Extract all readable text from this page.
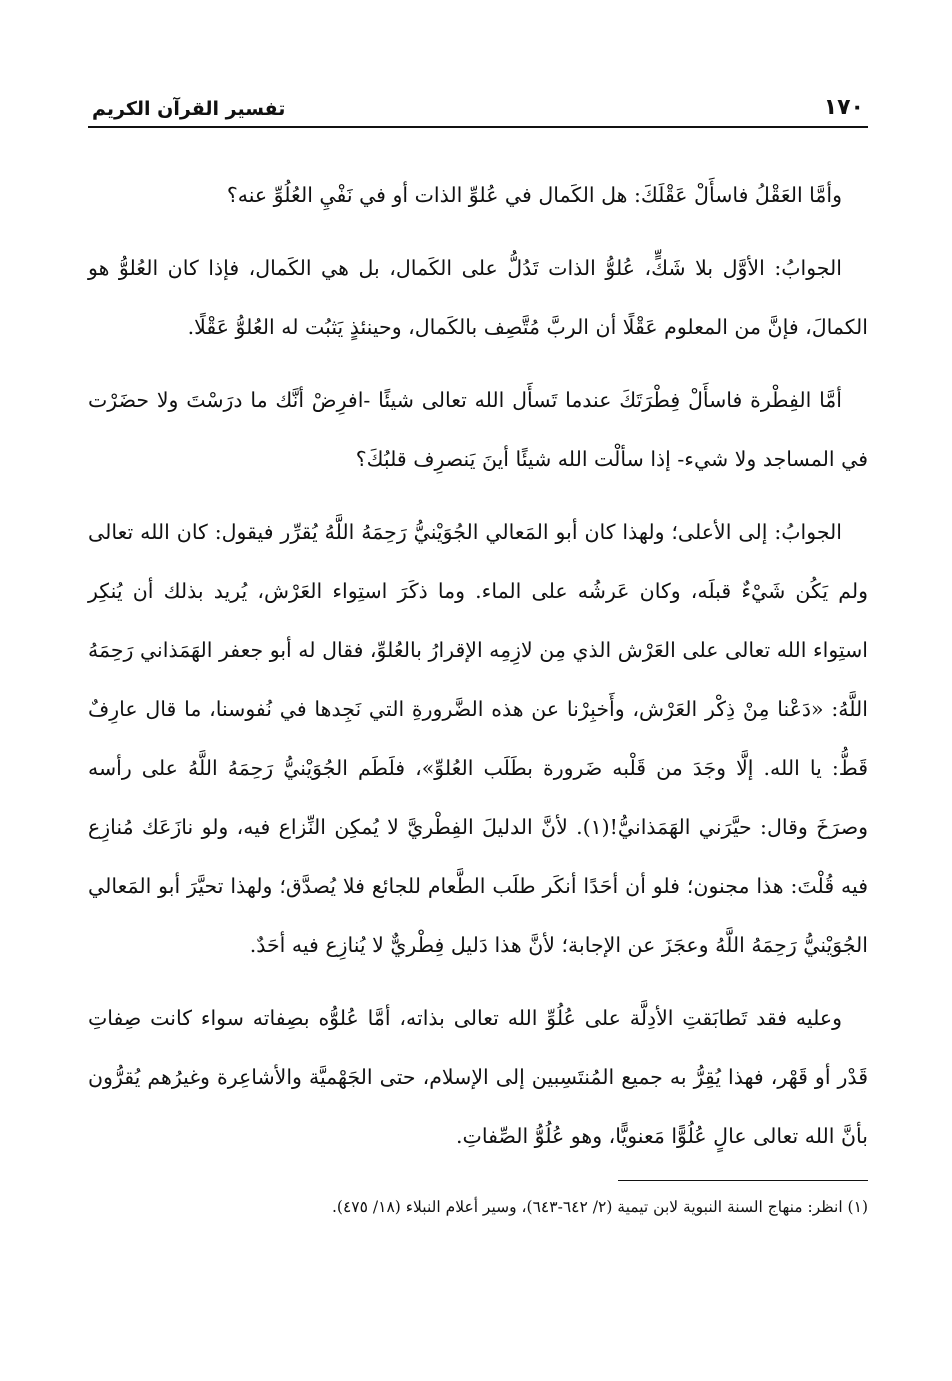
١٧٠
تفسير القرآن الكريم

وأمَّا العَقْلُ فاسأَلْ عَقْلَكَ: هل الكَمال في عُلوِّ الذات أو في نَفْيِ العُلُوِّ عنه؟

الجوابُ: الأوَّل بلا شَكٍّ، عُلوُّ الذات تَدُلُّ على الكَمال، بل هي الكَمال، فإذا كان العُلوُّ هو الكمالَ، فإنَّ من المعلوم عَقْلًا أن الربَّ مُتَّصِف بالكَمال، وحينئذٍ يَثبُت له العُلوُّ عَقْلًا.

أمَّا الفِطْرة فاسأَلْ فِطْرَتَكَ عندما تَسأَل الله تعالى شيئًا -افرِضْ أنَّك ما درَسْتَ ولا حضَرْت في المساجد ولا شيء- إذا سألْت الله شيئًا أينَ يَنصرِف قلبُكَ؟

الجوابُ: إلى الأعلى؛ ولهذا كان أبو المَعالي الجُوَيْنيُّ رَحِمَهُ اللَّهُ يُقرِّر فيقول: كان الله تعالى ولم يَكُن شَيْءٌ قبلَه، وكان عَرشُه على الماء. وما ذكَرَ استِواء العَرْش، يُريد بذلك أن يُنكِر استِواء الله تعالى على العَرْش الذي مِن لازِمِه الإقرارُ بالعُلوِّ، فقال له أبو جعفر الهَمَذاني رَحِمَهُ اللَّهُ: «دَعْنا مِنْ ذِكْر العَرْش، وأَخبِرْنا عن هذه الضَّرورةِ التي نَجِدها في نُفوسنا، ما قال عارِفٌ قَطُّ: يا الله. إلَّا وجَدَ من قَلْبه ضَرورة بطَلَب العُلوِّ»، فلَطَم الجُوَيْنيُّ رَحِمَهُ اللَّهُ على رأسه وصرَخَ وقال: حيَّرَني الهَمَذانيُّ!(١). لأنَّ الدليلَ الفِطْريَّ لا يُمكِن النِّزاع فيه، ولو نازَعَك مُنازِع فيه قُلْتَ: هذا مجنون؛ فلو أن أحَدًا أنكَر طلَب الطَّعام للجائع فلا يُصدَّق؛ ولهذا تحيَّرَ أبو المَعالي الجُوَيْنيُّ رَحِمَهُ اللَّهُ وعجَزَ عن الإجابة؛ لأنَّ هذا دَليل فِطْريٌّ لا يُنازِع فيه أحَدٌ.

وعليه فقد تَطابَقتِ الأدِلَّة على عُلُوِّ الله تعالى بذاته، أمَّا عُلوُّه بصِفاته سواء كانت صِفاتِ قَدْر أو قَهْر، فهذا يُقِرُّ به جميع المُنتَسِبين إلى الإسلام، حتى الجَهْميَّة والأشاعِرة وغيرُهم يُقرُّون بأنَّ الله تعالى عالٍ عُلُوًّا مَعنويًّا، وهو عُلُوُّ الصِّفاتِ.

(١) انظر: منهاج السنة النبوية لابن تيمية (٢/ ٦٤٢-٦٤٣)، وسير أعلام النبلاء (١٨/ ٤٧٥).
